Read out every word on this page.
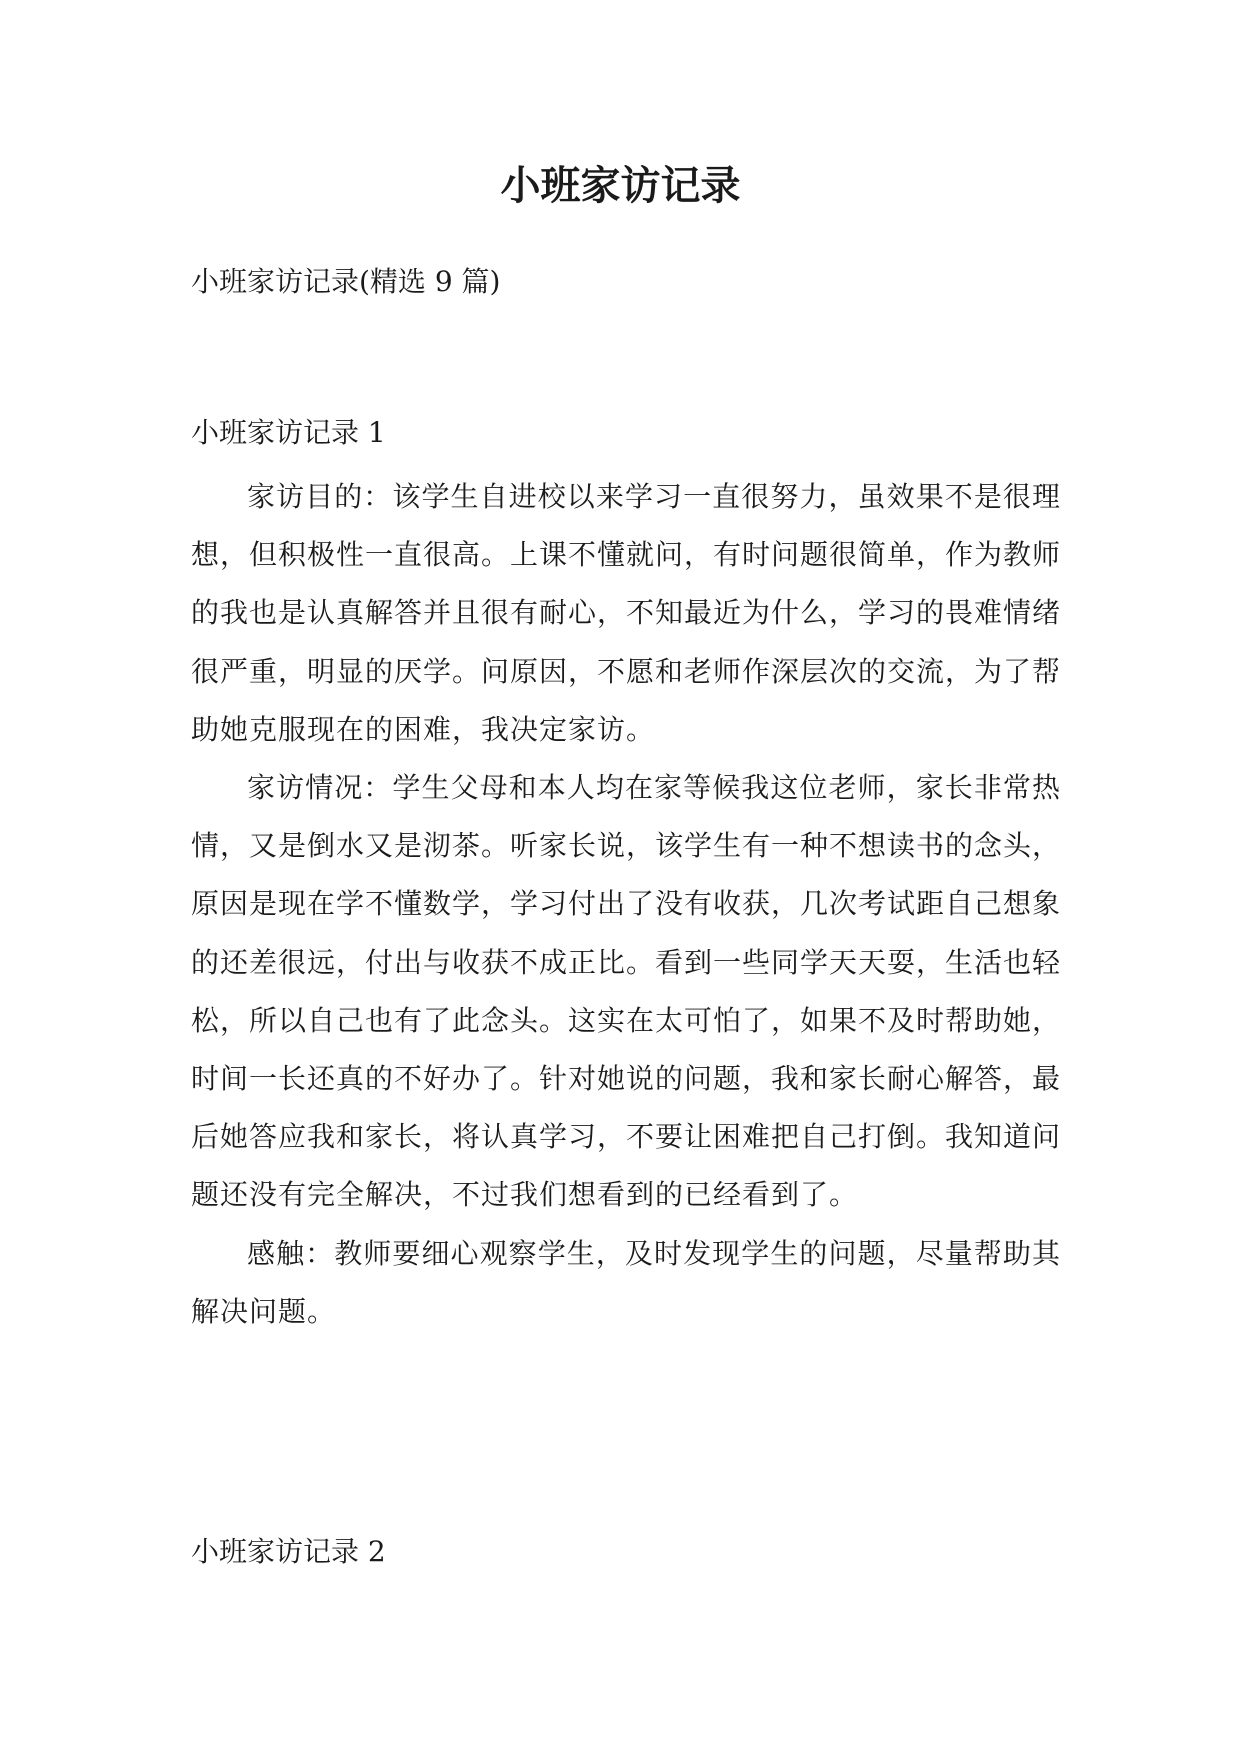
小班家访记录
小班家访记录(精选 9 篇)
小班家访记录 1

家访目的：该学生自进校以来学习一直很努力，虽效果不是很理想，但积极性一直很高。上课不懂就问，有时问题很简单，作为教师的我也是认真解答并且很有耐心，不知最近为什么，学习的畏难情绪很严重，明显的厌学。问原因，不愿和老师作深层次的交流，为了帮助她克服现在的困难，我决定家访。

家访情况：学生父母和本人均在家等候我这位老师，家长非常热情，又是倒水又是沏茶。听家长说，该学生有一种不想读书的念头，原因是现在学不懂数学，学习付出了没有收获，几次考试距自己想象的还差很远，付出与收获不成正比。看到一些同学天天耍，生活也轻松，所以自己也有了此念头。这实在太可怕了，如果不及时帮助她，时间一长还真的不好办了。针对她说的问题，我和家长耐心解答，最后她答应我和家长，将认真学习，不要让困难把自己打倒。我知道问题还没有完全解决，不过我们想看到的已经看到了。

感触：教师要细心观察学生，及时发现学生的问题，尽量帮助其解决问题。

小班家访记录 2
